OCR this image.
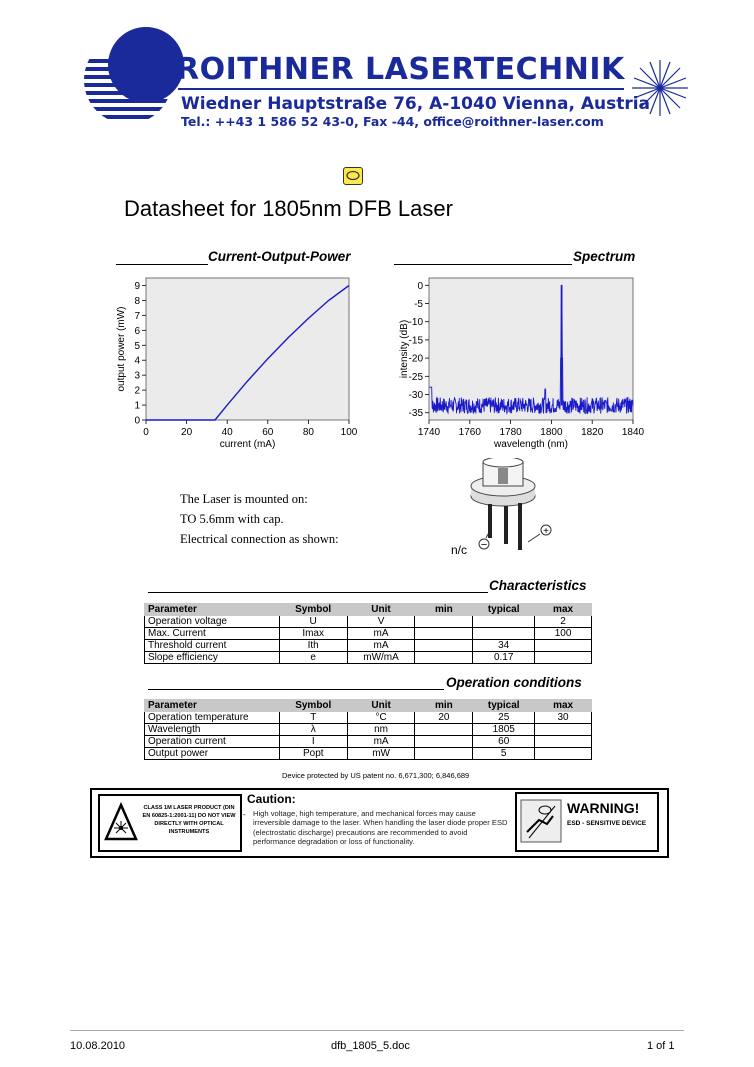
ROITHNER LASERTECHNIK
Wiedner Hauptstraße 76, A-1040 Vienna, Austria
Tel.: ++43 1 586 52 43-0, Fax -44, office@roithner-laser.com
Datasheet for 1805nm DFB Laser
Current-Output-Power	Spectrum
0	20	40	60	80	100
0
1
2
3
4
5
6
7
8
9
current (mA)
output power (mW)
1740 1760 1780 1800 1820 1840
0
-5
-10
-15
-20
-25
-30
-35
wavelength (nm)
intensity (dB)
The Laser is mounted on:
TO 5.6mm with cap.
Electrical connection as shown:
+
−
n/c
Characteristics
Parameter	Symbol	Unit	min	typical	max
Operation voltage	U	V			2
Max. Current	Imax	mA			100
Threshold current	Ith	mA		34	
Slope efficiency	e	mW/mA		0.17	
Operation conditions
Parameter	Symbol	Unit	min	typical	max
Operation temperature	T	°C	20	25	30
Wavelength	λ	nm		1805	
Operation current	I	mA		60	
Output power	Popt	mW		5	
Device protected by US patent no. 6,671,300; 6,846,689
CLASS 1M LASER PRODUCT (DIN EN 60825-1:2001-11) DO NOT VIEW DIRECTLY WITH OPTICAL INSTRUMENTS
Caution:
- High voltage, high temperature, and mechanical forces may cause irreversible damage to the laser. When handling the laser diode proper ESD (electrostatic discharge) precautions are recommended to avoid performance degradation or loss of functionality.
WARNING!
ESD - SENSITIVE DEVICE
10.08.2010	dfb_1805_5.doc	1 of 1
